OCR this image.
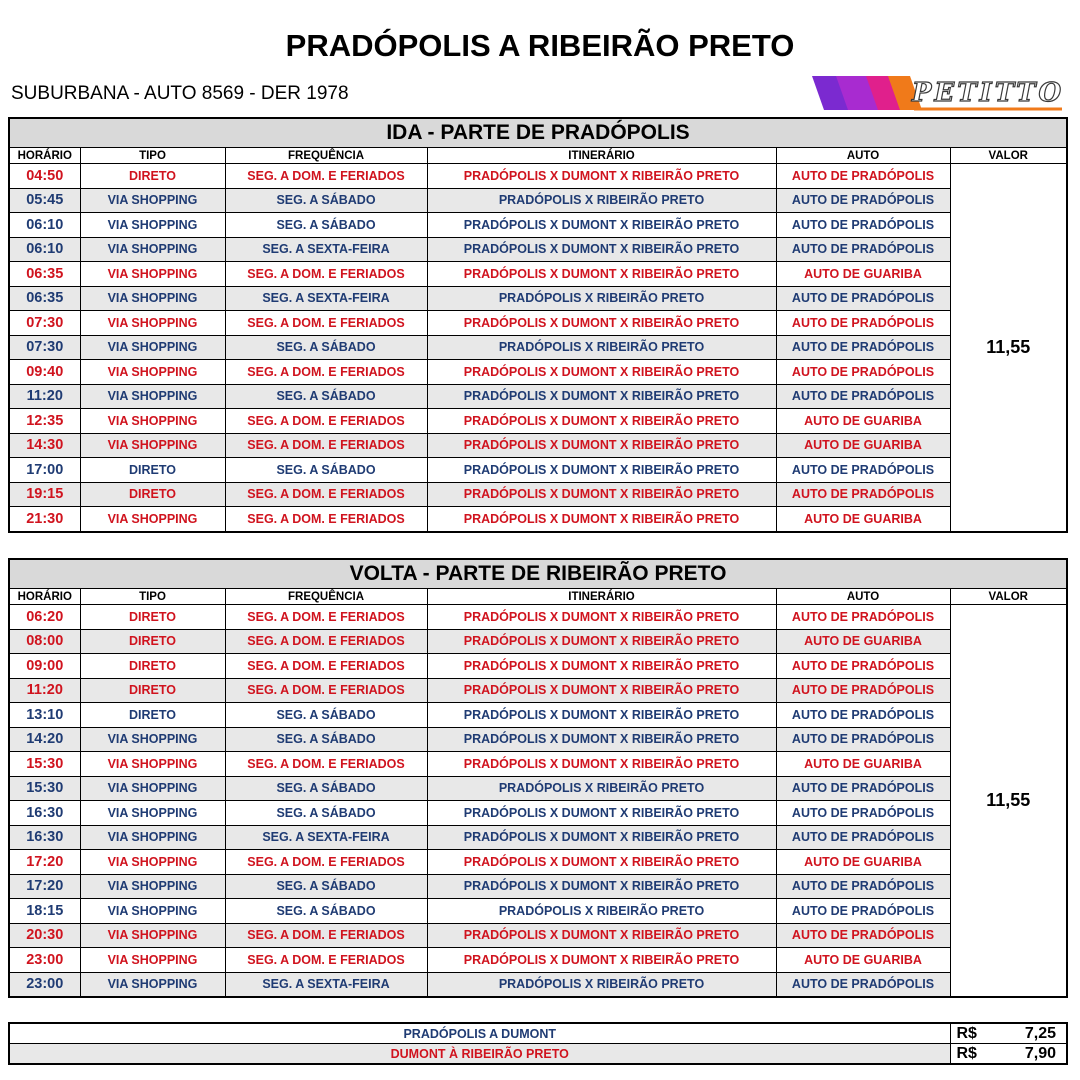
PRADÓPOLIS A RIBEIRÃO PRETO
SUBURBANA - AUTO 8569 - DER 1978	PETITTO
IDA - PARTE DE PRADÓPOLIS					
HORÁRIO	TIPO	FREQUÊNCIA	ITINERÁRIO	AUTO	VALOR
04:50	DIRETO	SEG. A DOM. E FERIADOS	PRADÓPOLIS X DUMONT X RIBEIRÃO PRETO	AUTO DE PRADÓPOLIS	11,55
05:45	VIA SHOPPING	SEG. A SÁBADO	PRADÓPOLIS X RIBEIRÃO PRETO	AUTO DE PRADÓPOLIS	
06:10	VIA SHOPPING	SEG. A SÁBADO	PRADÓPOLIS X DUMONT X RIBEIRÃO PRETO	AUTO DE PRADÓPOLIS	
06:10	VIA SHOPPING	SEG. A SEXTA-FEIRA	PRADÓPOLIS X DUMONT X RIBEIRÃO PRETO	AUTO DE PRADÓPOLIS	
06:35	VIA SHOPPING	SEG. A DOM. E FERIADOS	PRADÓPOLIS X DUMONT X RIBEIRÃO PRETO	AUTO DE GUARIBA	
06:35	VIA SHOPPING	SEG. A SEXTA-FEIRA	PRADÓPOLIS X RIBEIRÃO PRETO	AUTO DE PRADÓPOLIS	
07:30	VIA SHOPPING	SEG. A DOM. E FERIADOS	PRADÓPOLIS X DUMONT X RIBEIRÃO PRETO	AUTO DE PRADÓPOLIS	
07:30	VIA SHOPPING	SEG. A SÁBADO	PRADÓPOLIS X RIBEIRÃO PRETO	AUTO DE PRADÓPOLIS	
09:40	VIA SHOPPING	SEG. A DOM. E FERIADOS	PRADÓPOLIS X DUMONT X RIBEIRÃO PRETO	AUTO DE PRADÓPOLIS	
11:20	VIA SHOPPING	SEG. A SÁBADO	PRADÓPOLIS X DUMONT X RIBEIRÃO PRETO	AUTO DE PRADÓPOLIS	
12:35	VIA SHOPPING	SEG. A DOM. E FERIADOS	PRADÓPOLIS X DUMONT X RIBEIRÃO PRETO	AUTO DE GUARIBA	
14:30	VIA SHOPPING	SEG. A DOM. E FERIADOS	PRADÓPOLIS X DUMONT X RIBEIRÃO PRETO	AUTO DE GUARIBA	
17:00	DIRETO	SEG. A SÁBADO	PRADÓPOLIS X DUMONT X RIBEIRÃO PRETO	AUTO DE PRADÓPOLIS	
19:15	DIRETO	SEG. A DOM. E FERIADOS	PRADÓPOLIS X DUMONT X RIBEIRÃO PRETO	AUTO DE PRADÓPOLIS	
21:30	VIA SHOPPING	SEG. A DOM. E FERIADOS	PRADÓPOLIS X DUMONT X RIBEIRÃO PRETO	AUTO DE GUARIBA	
VOLTA - PARTE DE RIBEIRÃO PRETO					
HORÁRIO	TIPO	FREQUÊNCIA	ITINERÁRIO	AUTO	VALOR
06:20	DIRETO	SEG. A DOM. E FERIADOS	PRADÓPOLIS X DUMONT X RIBEIRÃO PRETO	AUTO DE PRADÓPOLIS	11,55
08:00	DIRETO	SEG. A DOM. E FERIADOS	PRADÓPOLIS X DUMONT X RIBEIRÃO PRETO	AUTO DE GUARIBA	
09:00	DIRETO	SEG. A DOM. E FERIADOS	PRADÓPOLIS X DUMONT X RIBEIRÃO PRETO	AUTO DE PRADÓPOLIS	
11:20	DIRETO	SEG. A DOM. E FERIADOS	PRADÓPOLIS X DUMONT X RIBEIRÃO PRETO	AUTO DE PRADÓPOLIS	
13:10	DIRETO	SEG. A SÁBADO	PRADÓPOLIS X DUMONT X RIBEIRÃO PRETO	AUTO DE PRADÓPOLIS	
14:20	VIA SHOPPING	SEG. A SÁBADO	PRADÓPOLIS X DUMONT X RIBEIRÃO PRETO	AUTO DE PRADÓPOLIS	
15:30	VIA SHOPPING	SEG. A DOM. E FERIADOS	PRADÓPOLIS X DUMONT X RIBEIRÃO PRETO	AUTO DE GUARIBA	
15:30	VIA SHOPPING	SEG. A SÁBADO	PRADÓPOLIS X RIBEIRÃO PRETO	AUTO DE PRADÓPOLIS	
16:30	VIA SHOPPING	SEG. A SÁBADO	PRADÓPOLIS X DUMONT X RIBEIRÃO PRETO	AUTO DE PRADÓPOLIS	
16:30	VIA SHOPPING	SEG. A SEXTA-FEIRA	PRADÓPOLIS X DUMONT X RIBEIRÃO PRETO	AUTO DE PRADÓPOLIS	
17:20	VIA SHOPPING	SEG. A DOM. E FERIADOS	PRADÓPOLIS X DUMONT X RIBEIRÃO PRETO	AUTO DE GUARIBA	
17:20	VIA SHOPPING	SEG. A SÁBADO	PRADÓPOLIS X DUMONT X RIBEIRÃO PRETO	AUTO DE PRADÓPOLIS	
18:15	VIA SHOPPING	SEG. A SÁBADO	PRADÓPOLIS X RIBEIRÃO PRETO	AUTO DE PRADÓPOLIS	
20:30	VIA SHOPPING	SEG. A DOM. E FERIADOS	PRADÓPOLIS X DUMONT X RIBEIRÃO PRETO	AUTO DE PRADÓPOLIS	
23:00	VIA SHOPPING	SEG. A DOM. E FERIADOS	PRADÓPOLIS X DUMONT X RIBEIRÃO PRETO	AUTO DE GUARIBA	
23:00	VIA SHOPPING	SEG. A SEXTA-FEIRA	PRADÓPOLIS X RIBEIRÃO PRETO	AUTO DE PRADÓPOLIS	
PRADÓPOLIS A DUMONT	R$	7,25
DUMONT À RIBEIRÃO PRETO	R$	7,90
